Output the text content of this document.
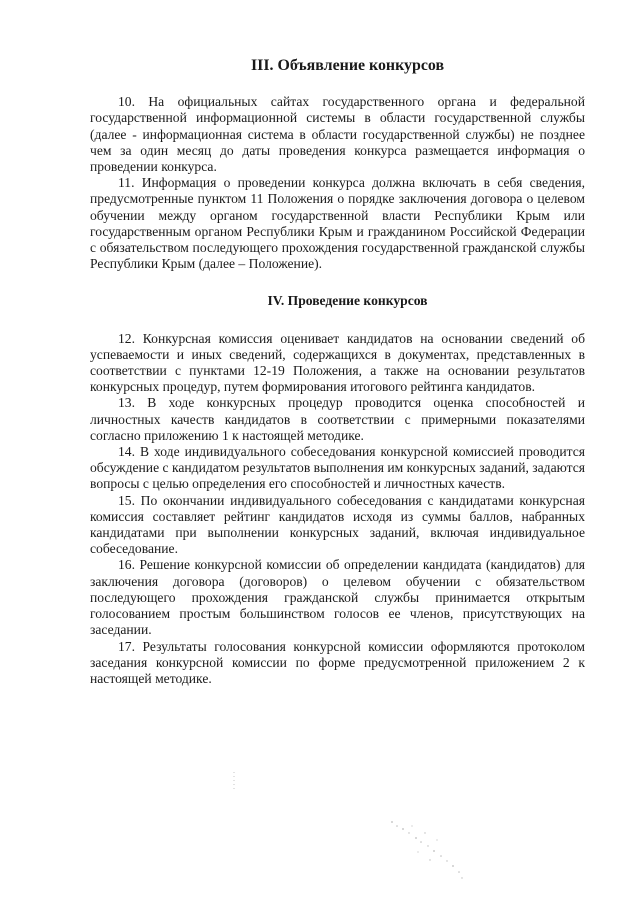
III. Объявление конкурсов

10. На официальных сайтах государственного органа и федеральной государственной информационной системы в области государственной службы (далее - информационная система в области государственной службы) не позднее чем за один месяц до даты проведения конкурса размещается информация о проведении конкурса.

11. Информация о проведении конкурса должна включать в себя сведения, предусмотренные пунктом 11 Положения о порядке заключения договора о целевом обучении между органом государственной власти Республики Крым или государственным органом Республики Крым и гражданином Российской Федерации с обязательством последующего прохождения государственной гражданской службы Республики Крым (далее – Положение).

IV. Проведение конкурсов

12. Конкурсная комиссия оценивает кандидатов на основании сведений об успеваемости и иных сведений, содержащихся в документах, представленных в соответствии с пунктами 12-19 Положения, а также на основании результатов конкурсных процедур, путем формирования итогового рейтинга кандидатов.

13. В ходе конкурсных процедур проводится оценка способностей и личностных качеств кандидатов в соответствии с примерными показателями согласно приложению 1 к настоящей методике.

14. В ходе индивидуального собеседования конкурсной комиссией проводится обсуждение с кандидатом результатов выполнения им конкурсных заданий, задаются вопросы с целью определения его способностей и личностных качеств.

15. По окончании индивидуального собеседования с кандидатами конкурсная комиссия составляет рейтинг кандидатов исходя из суммы баллов, набранных кандидатами при выполнении конкурсных заданий, включая индивидуальное собеседование.

16. Решение конкурсной комиссии об определении кандидата (кандидатов) для заключения договора (договоров) о целевом обучении с обязательством последующего прохождения гражданской службы принимается открытым голосованием простым большинством голосов ее членов, присутствующих на заседании.

17. Результаты голосования конкурсной комиссии оформляются протоколом заседания конкурсной комиссии по форме предусмотренной приложением 2 к настоящей методике.
